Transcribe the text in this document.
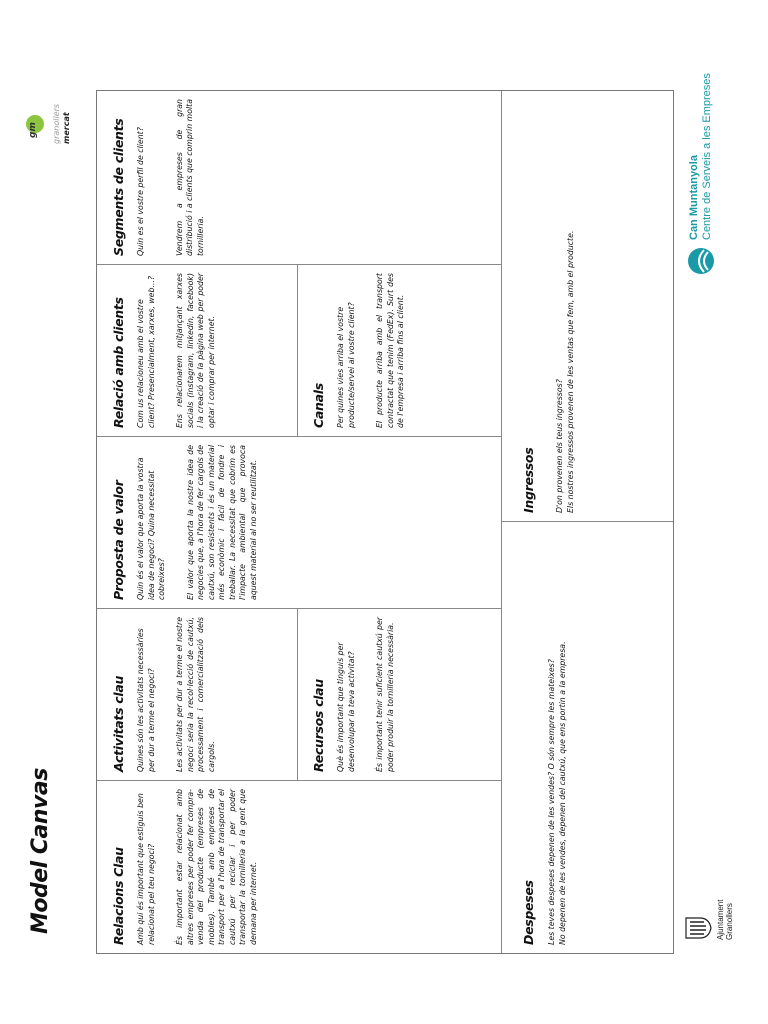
Model Canvas
gm granollers mercat
Relacions Clau Amb qui és important que estiguis ben relacionat pel teu negoci?	És important estar relacionat amb altres empreses per poder fer compra-venda del producte (empreses de mobles). També amb empreses de transport per a l'hora de transportar el cautxú per reciclar i per poder transportar la tornilleria a la gent que demana per internet.

Activitats clau Quines són les activitats necessàries per dur a terme el negoci?	Les activitats per dur a terme el nostre negoci seria la recol·lecció de cautxú, processament i comercialització dels cargols.	Recursos clau Què és important que tinguis per desenvolupar la teva activitat?	És important tenir suficient cautxú per poder produir la tornilleria necessària.

Proposta de valor Quin és el valor que aporta la vostra idea de negoci? Quina necessitat cobreixes?	El valor que aporta la nostre idea de negocies que, a l'hora de fer cargols de cautxú, son resistents i és un material més econòmic i fàcil de fondre i treballar. La necessitat que cobrim es l'impacte ambiental que provoca aquest material al no ser reutilitzat.

Relació amb clients Com us relacioneu amb el vostre client? Presencialment, xarxes, web...?	Ens relacionarem mitjançant xarxes socials (instagram, linkedin, facebook) i la creació de la pàgina web per poder optar i comprar per internet.	Canals Per quines vies arriba el vostre producte/servei al vostre client?	El producte arriba amb el transport contractat que tenim (FedEx). Surt des de l'empresa i arriba fins al client.

Segments de clients Quin es el vostre perfil de client?	Vendrem a empreses de gran distribució i a clients que comprin molta tornilleria.

Despeses Les teves despeses depenen de les vendes? O són sempre les mateixes? No depenen de les vendes, depenen del cautxú, que ens portin a la empresa.

Ingressos D'on provenen els teus ingressos? Els nostres ingressos provenen de les ventas que fem, amb el producte.

Ajuntament Granollers
Can Muntanyola Centre de Serveis a les Empreses
